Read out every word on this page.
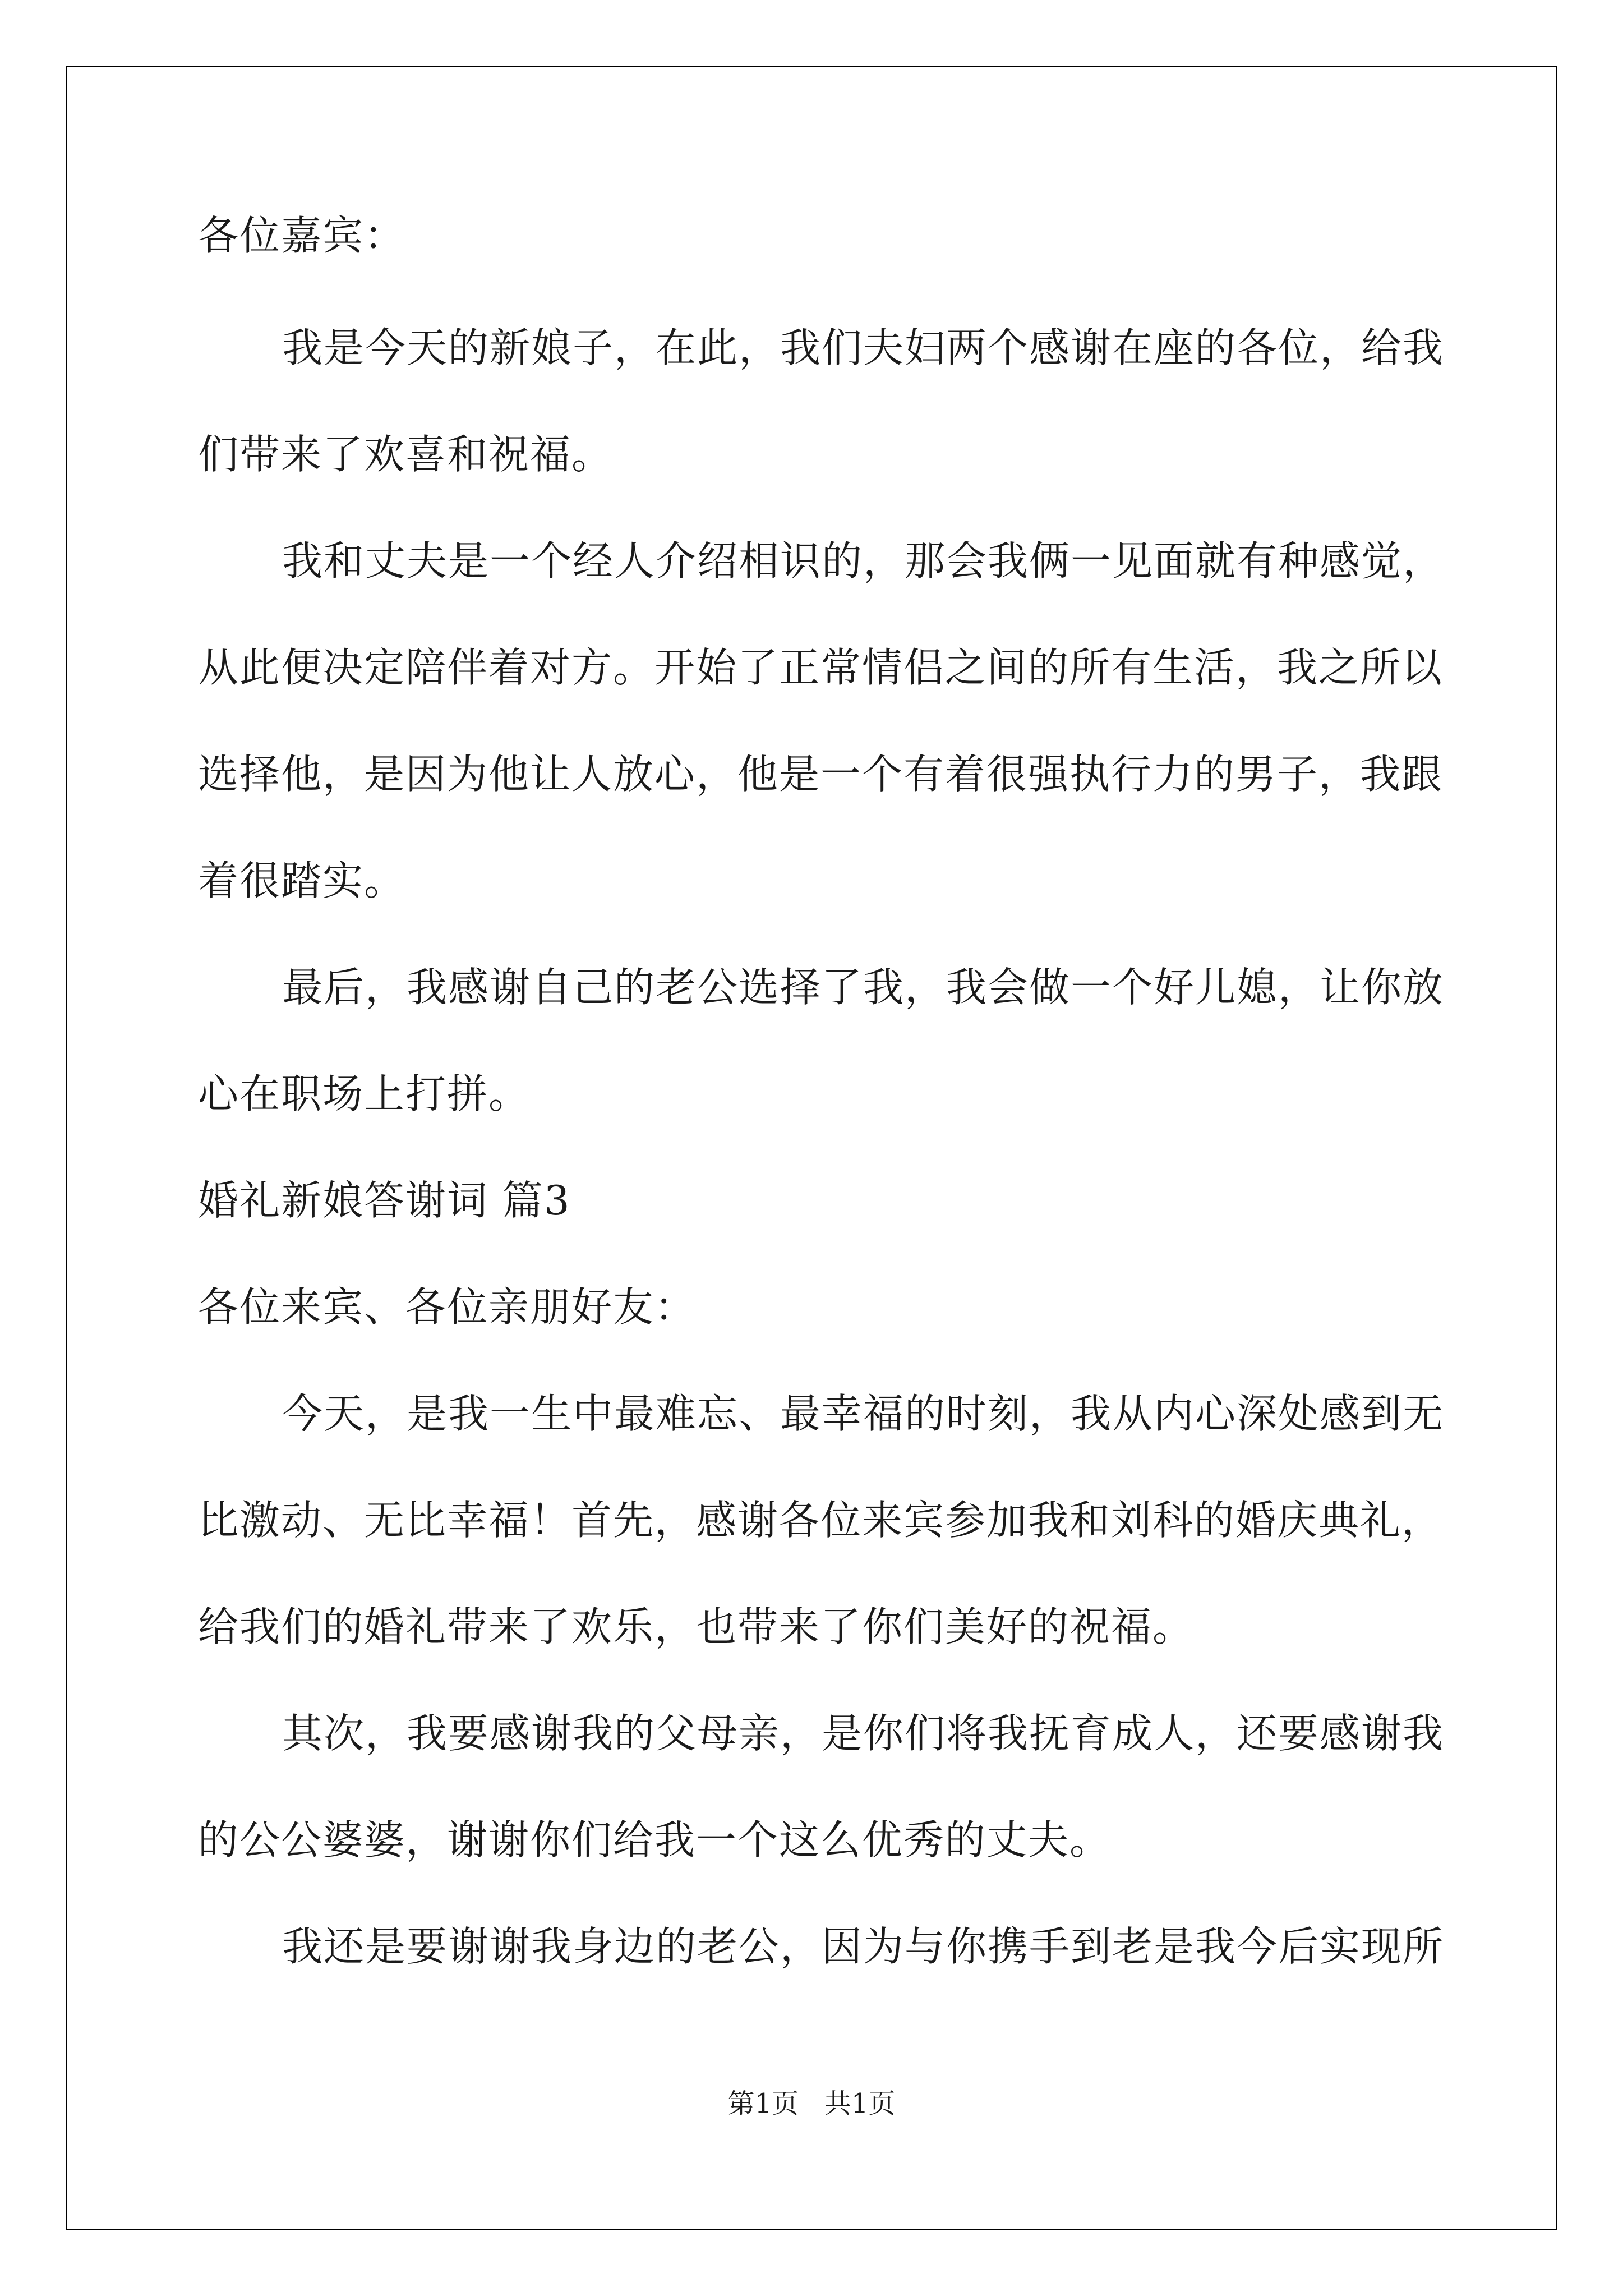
各位嘉宾：
我是今天的新娘子，在此，我们夫妇两个感谢在座的各位，给我
们带来了欢喜和祝福。
我和丈夫是一个经人介绍相识的，那会我俩一见面就有种感觉，
从此便决定陪伴着对方。开始了正常情侣之间的所有生活，我之所以
选择他，是因为他让人放心，他是一个有着很强执行力的男子，我跟
着很踏实。
最后，我感谢自己的老公选择了我，我会做一个好儿媳，让你放
心在职场上打拼。
婚礼新娘答谢词 篇3
各位来宾、各位亲朋好友：
今天，是我一生中最难忘、最幸福的时刻，我从内心深处感到无
比激动、无比幸福！首先，感谢各位来宾参加我和刘科的婚庆典礼，
给我们的婚礼带来了欢乐，也带来了你们美好的祝福。
其次，我要感谢我的父母亲，是你们将我抚育成人，还要感谢我
的公公婆婆，谢谢你们给我一个这么优秀的丈夫。
我还是要谢谢我身边的老公，因为与你携手到老是我今后实现所
第1页   共1页
